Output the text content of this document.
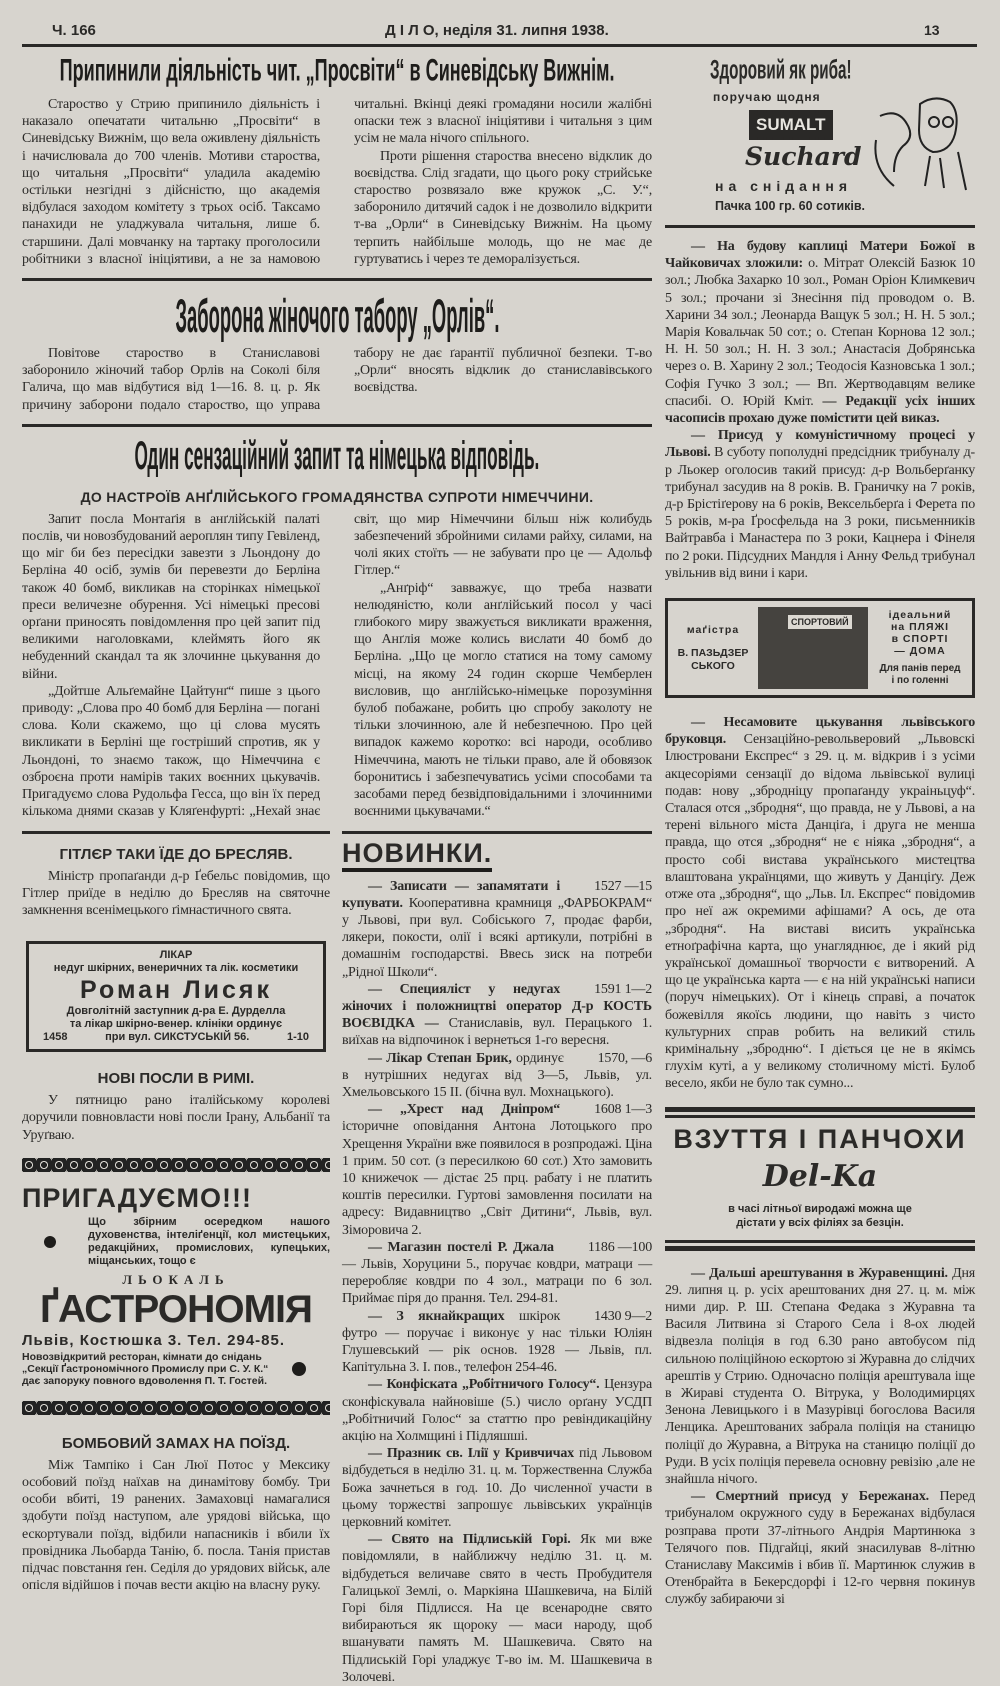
Ч. 166	Д І Л О, неділя 31. липня 1938.	13
Припинили діяльність чит. „Просвіти“ в Синевідську Вижнім.

Староство у Стрию припинило діяльність і наказало опечатати читальню „Просвіти“ в Синевідську Вижнім, що вела оживлену діяльність і начислювала до 700 членів. Мотиви староства, що читальня „Просвіти“ уладила академію остільки незгідні з дійсністю, що академія відбулася заходом комітету з трьох осіб. Таксамо панахиди не уладжувала читальня, лише б. старшини. Далі мовчанку на тартаку проголосили робітники з власної ініціятиви, а не за намовою читальні. Вкінці деякі громадяни носили жалібні опаски теж з власної ініціятиви і читальня з цим усім не мала нічого спільного.

Проти рішення староства внесено відклик до воєвідства. Слід згадати, що цього року стрийське староство розвязало вже кружок „С. У.“, заборонило дитячий садок і не дозволило відкрити т-ва „Орли“ в Синевідську Вижнім. На цьому терпить найбільше молодь, що не має де гуртуватись і через те деморалізується.

Заборона жіночого табору „Орлів“.

Повітове староство в Станиславові заборонило жіночий табор Орлів на Соколі біля Галича, що мав відбутися від 1—16. 8. ц. р. Як причину заборони подало староство, що управа табору не дає ґарантії публичної безпеки. Т-во „Орли“ вносять відклик до станиславівського воєвідства.

Один сензаційний запит та німецька відповідь.
ДО НАСТРОЇВ АНҐЛІЙСЬКОГО ГРОМАДЯНСТВА СУПРОТИ НІМЕЧЧИНИ.

Запит посла Монтаґія в анґлійській палаті послів, чи новозбудований аероплян типу Гевіленд, що міг би без пересідки завезти з Льондону до Берліна 40 осіб, зумів би перевезти до Берліна також 40 бомб, викликав на сторінках німецької преси величезне обурення. Усі німецькі пресові орґани приносять повідомлення про цей запит під великими наголовками, клеймять його як небуденний скандал та як злочинне цькування до війни.

„Дойтше Альґемайне Цайтунґ“ пише з цього приводу: „Слова про 40 бомб для Берліна — погані слова. Коли скажемо, що ці слова мусять викликати в Берліні ще гостріший спротив, як у Льондоні, то знаємо також, що Німеччина є озброєна проти намірів таких воєнних цькувачів. Пригадуємо слова Рудольфа Гесса, що він їх перед кількома днями сказав у Кляґенфурті: „Нехай знає світ, що мир Німеччини більш ніж колибудь забезпечений збройними силами райху, силами, на чолі яких стоїть — не забувати про це — Адольф Гітлер.“

„Анґріф“ завважує, що треба назвати нелюдяністю, коли анґлійський посол у часі глибокого миру зважується викликати враження, що Анґлія може колись вислати 40 бомб до Берліна. „Що це могло статися на тому самому місці, на якому 24 годин скорше Чемберлен висловив, що анґлійсько-німецьке порозуміння булоб побажане, робить цю спробу заколоту не тільки злочинною, але й небезпечною. Про цей випадок кажемо коротко: всі народи, особливо Німеччина, мають не тільки право, але й обовязок боронитись і забезпечуватись усіми способами та засобами перед безвідповідальними і злочинними воєнними цькувачами.“

ГІТЛЄР ТАКИ ЇДЕ ДО БРЕСЛЯВ.

Міністр пропаґанди д-р Ґебельс повідомив, що Гітлер приїде в неділю до Бресляв на святочне замкнення всенімецького ґімнастичного свята.

ЛІКАР
недуг шкірних, венеричних та лік. косметики
Роман Лисяк
Довголітній заступник д-ра Е. Дурделла
та лікар шкірно-венер. клініки ординує
1458	при вул. СИКСТУСЬКІЙ 56.	1-10
НОВІ ПОСЛИ В РИМІ.

У пятницю рано італійському королеві доручили повновласти нові посли Ірану, Альбанії та Уруґваю.

ПРИГАДУЄМО!!!
Що збірним осередком нашого духовенства, інтеліґенції, кол мистецьких, редакційних, промислових, купецьких, міщанських, тощо є
ЛЬОКАЛЬ
ҐАСТРОНОМІЯ
Львів, Костюшка 3. Тел. 294-85.
Новозвідкритий ресторан, кімнати до снідань „Секції Ґастрономічного Промислу при С. У. К.“ дає запоруку повного вдоволення П. Т. Гостей.
БОМБОВИЙ ЗАМАХ НА ПОЇЗД.

Між Тампіко і Сан Люї Потос у Мексику особовий поїзд наїхав на динамітову бомбу. Три особи вбиті, 19 ранених. Замаховці намагалися здобути поїзд наступом, але урядові війська, що ескортували поїзд, відбили напасників і вбили їх провідника Льобарда Танію, б. посла. Танія пристав підчас повстання ґен. Седіля до урядових військ, але опісля відійшов і почав вести акцію на власну руку.

НОВИНКИ.

1527 —15
— Записати — запамятати і купувати. Кооперативна крамниця „ФАРБОКРАМ“ у Львові, при вул. Собіського 7, продає фарби, лякери, покости, олії і всякі артикули, потрібні в домашнім господарстві. Ввесь зиск на потреби „Рідної Школи“.

1591 1—2
— Специяліст у недугах жіночих і положництві оператор Д-р КОСТЬ ВОЄВІДКА — Станиславів, вул. Перацького 1. виїхав на відпочинок і вернеться 1-го вересня.

1570, —6
— Лікар Степан Брик, ординує в нутрішних недугах від 3—5, Львів, ул. Хмельовського 15 II. (бічна вул. Мохнацького).

1608 1—3
— „Хрест над Дніпром“ історичне оповідання Антона Лотоцького про Хрещення України вже появилося в розпродажі. Ціна 1 прим. 50 сот. (з пересилкою 60 сот.) Хто замовить 10 книжечок — дістає 25 прц. рабату і не платить коштів пересилки. Гуртові замовлення посилати на адресу: Видавництво „Світ Дитини“, Львів, вул. Зіморовича 2.

1186 —100
— Магазин постелі Р. Джала — Львів, Хоруцини 5., поручає ковдри, матраци — переробляє ковдри по 4 зол., матраци по 6 зол. Приймає піря до прання. Тел. 294-81.

1430 9—2
— З якнайкращих шкірок футро — поручає і виконує у нас тільки Юліян Глушевський — рік основ. 1928 — Львів, пл. Капітульна 3. I. пов., телефон 254-46.

— Конфіската „Робітничого Голосу“. Цензура сконфіскувала найновіше (5.) число орґану УСДП „Робітничий Голос“ за статтю про ревіндикаційну акцію на Холмщині і Підляшші.

— Празник св. Ілії у Кривчичах під Львовом відбудеться в неділю 31. ц. м. Торжественна Служба Божа зачнеться в год. 10. До численної участи в цьому торжестві запрошує львівських українців церковний комітет.

— Свято на Підлиській Горі. Як ми вже повідомляли, в найближчу неділю 31. ц. м. відбудеться величаве свято в честь Пробудителя Галицької Землі, о. Маркіяна Шашкевича, на Білій Горі біля Підлисся. На це всенародне свято вибираються як щороку — маси народу, щоб вшанувати память М. Шашкевича. Свято на Підлиській Горі уладжує Т-во ім. М. Шашкевича в Золочеві.

Здоровий як риба!
поручаю щодня
SUMALT
Suchard
на снідання
Пачка 100 гр. 60 сотиків.

— На будову каплиці Матери Божої в Чайковичах зложили: о. Мітрат Олексій Базюк 10 зол.; Любка Захарко 10 зол., Роман Оріон Климкевич 5 зол.; прочани зі Знесіння під проводом о. В. Харини 34 зол.; Леонарда Ващук 5 зол.; Н. Н. 5 зол.; Марія Ковальчак 50 сот.; о. Степан Корнова 12 зол.; Н. Н. 50 зол.; Н. Н. 3 зол.; Анастасія Добрянська через о. В. Харину 2 зол.; Теодосія Казновська 1 зол.; Софія Гучко 3 зол.; — Вп. Жертводавцям велике спасибі. О. Юрій Кміт. — Редакції усіх інших часописів прохаю дуже помістити цей виказ.

— Присуд у комуністичному процесі у Львові. В суботу пополудні предсідник трибуналу д-р Льокер оголосив такий присуд: д-р Вольберґанку трибунал засудив на 8 років. В. Граничку на 7 років, д-р Брістіґерову на 6 років, Вексельберґа і Ферета по 5 років, м-ра Ґросфельда на 3 роки, письменників Вайтравба і Манастера по 3 роки, Кацнера і Фінеля по 2 роки. Підсудних Мандля і Анну Фельд трибунал увільнив від вини і кари.

маґістра
В. ПАЗЬДЗЕРСЬКОГО
СПОРТОВИЙ
ідеальний
на ПЛЯЖІ
в СПОРТІ
— ДОМА
Для панів перед
і по голенні

— Несамовите цькування львівського бруковця. Сензаційно-револьверовий „Львовскі Ілюстровани Експрес“ з 29. ц. м. відкрив і з усіми акцесоріями сензації до відома львівської вулиці подав: нову „збродніцу пропаґанду украіньцуф“. Сталася отся „збродня“, що правда, не у Львові, а на терені вільного міста Данціґа, і друга не менша правда, що отся „збродня“ не є ніяка „збродня“, а просто собі вистава українського мистецтва влаштована українцями, що живуть у Данціґу. Деж отже ота „збродня“, що „Льв. Іл. Експрес“ повідомив про неї аж окремими афішами? А ось, де ота „збродня“. На виставі висить українська етноґрафічна карта, що унагляднює, де і який рід української домашньої творчости є витворений. А що це українська карта — є на ній українські написи (поруч німецьких). От і кінець справі, а початок божевілля якоїсь людини, що навіть з чисто культурних справ робить на великий стиль кримінальну „збродню“. І діється це не в якімсь глухім куті, а у великому столичному місті. Булоб весело, якби не було так сумно...

ВЗУТТЯ І ПАНЧОХИ
Del-Ka
в часі літньої виродажі можна ще
дістати у всіх філіях за безцін.

— Дальші арештування в Журавенщині. Дня 29. липня ц. р. усіх арештованих дня 27. ц. м. між ними дир. Р. Ш. Степана Федака з Журавна та Василя Литвина зі Старого Села і 8-ох людей відвезла поліція в год 6.30 рано автобусом під сильною поліційною ескортою зі Журавна до слідчих арештів у Стрию. Одночасно поліція арештувала іще в Жираві студента О. Вітрука, у Володимирцях Зенона Левицького і в Мазурівці богослова Василя Ленцика. Арештованих забрала поліція на станицю поліції до Журавна, а Вітрука на станицю поліції до Руди. В усіх поліція перевела основну ревізію ,але не знайшла нічого.

— Смертний присуд у Бережанах. Перед трибуналом окружного суду в Бережанах відбулася розправа проти 37-літнього Андрія Мартинюка з Телячого пов. Підгайці, який знасилував 8-літню Станиславу Максимів і вбив її. Мартинюк служив в Отенбрайта в Бекерсдорфі і 12-го червня покинув службу забираючи зі
